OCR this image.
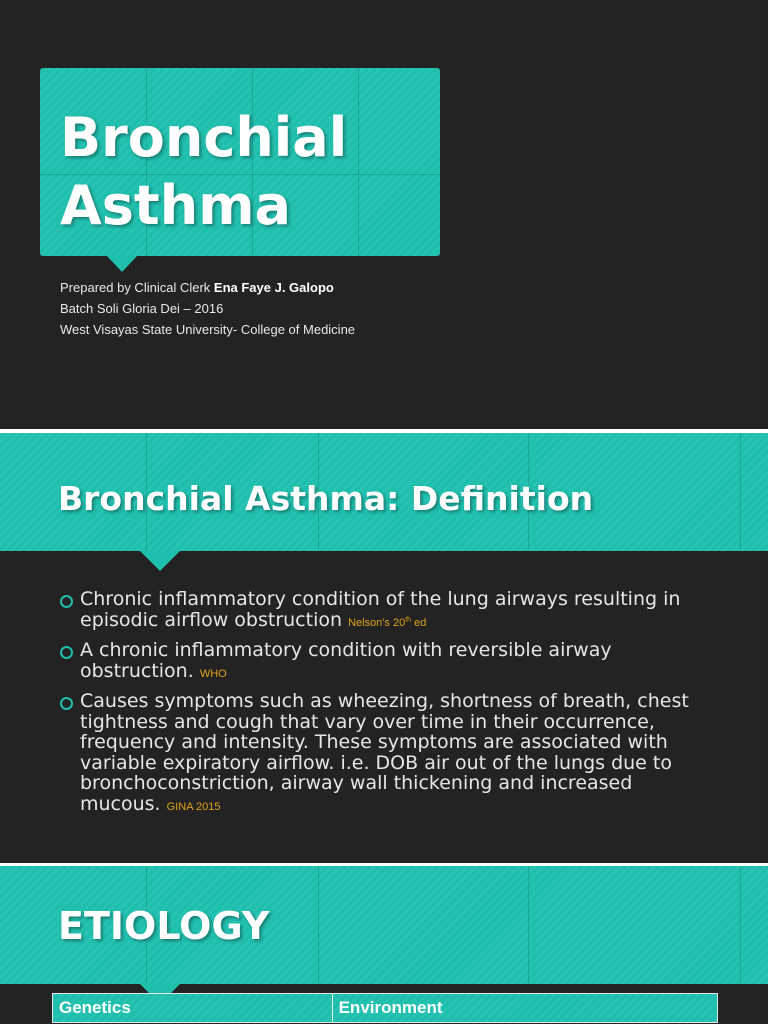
Bronchial
Asthma
Prepared by Clinical Clerk Ena Faye J. Galopo
Batch Soli Gloria Dei – 2016
West Visayas State University- College of Medicine
Bronchial Asthma: Definition
Chronic inflammatory condition of the lung airways resulting in episodic airflow obstruction Nelson's 20th ed
A chronic inflammatory condition with reversible airway obstruction. WHO
Causes symptoms such as wheezing, shortness of breath, chest tightness and cough that vary over time in their occurrence, frequency and intensity. These symptoms are associated with variable expiratory airflow. i.e. DOB air out of the lungs due to bronchoconstriction, airway wall thickening and increased mucous. GINA 2015
ETIOLOGY
Genetics	Environment
